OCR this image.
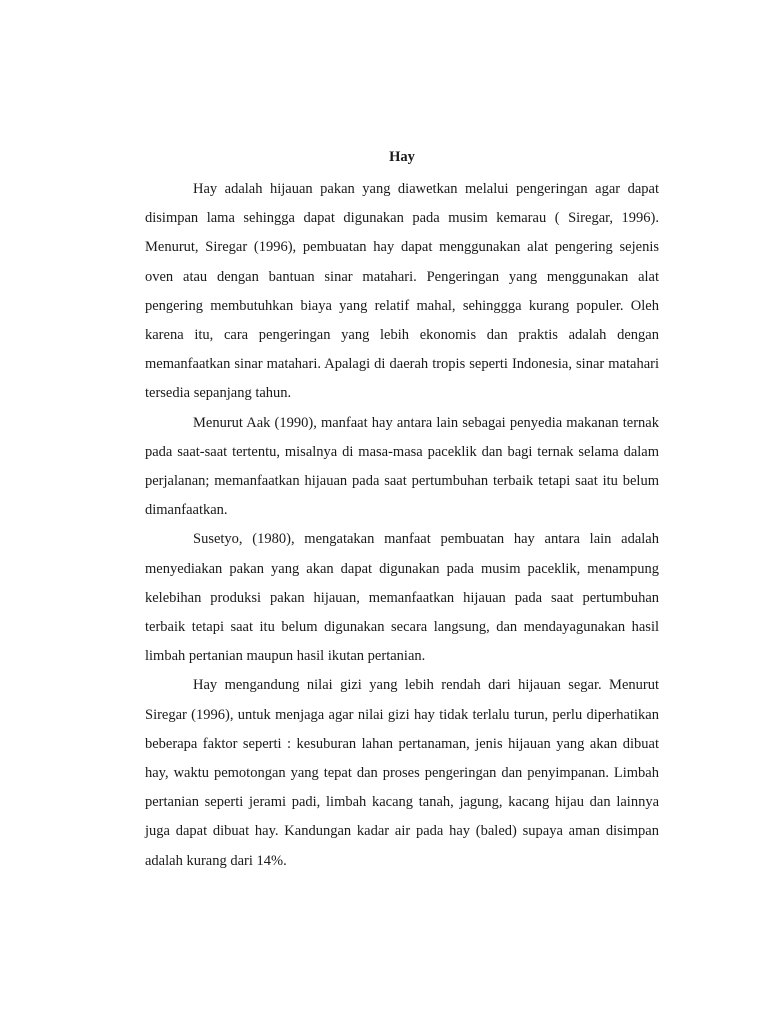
Hay

Hay adalah hijauan pakan yang diawetkan melalui pengeringan agar dapat disimpan lama sehingga dapat digunakan pada musim kemarau ( Siregar, 1996). Menurut, Siregar (1996), pembuatan hay dapat menggunakan alat pengering sejenis oven atau dengan bantuan sinar matahari. Pengeringan yang menggunakan alat pengering membutuhkan biaya yang relatif mahal, sehinggga kurang populer. Oleh karena itu, cara pengeringan yang lebih ekonomis dan praktis adalah dengan memanfaatkan sinar matahari. Apalagi di daerah tropis seperti Indonesia, sinar matahari tersedia sepanjang tahun.

Menurut Aak (1990), manfaat hay antara lain sebagai penyedia makanan ternak pada saat-saat tertentu, misalnya di masa-masa paceklik dan bagi ternak selama dalam perjalanan; memanfaatkan hijauan pada saat pertumbuhan terbaik tetapi saat itu belum dimanfaatkan.

Susetyo, (1980), mengatakan manfaat pembuatan hay antara lain adalah menyediakan pakan yang akan dapat digunakan pada musim paceklik, menampung kelebihan produksi pakan hijauan, memanfaatkan hijauan pada saat pertumbuhan terbaik tetapi saat itu belum digunakan secara langsung, dan mendayagunakan hasil limbah pertanian maupun hasil ikutan pertanian.

Hay mengandung nilai gizi yang lebih rendah dari hijauan segar. Menurut Siregar (1996), untuk menjaga agar nilai gizi hay tidak terlalu turun, perlu diperhatikan beberapa faktor seperti : kesuburan lahan pertanaman, jenis hijauan yang akan dibuat hay, waktu pemotongan yang tepat dan proses pengeringan dan penyimpanan. Limbah pertanian seperti jerami padi, limbah kacang tanah, jagung, kacang hijau dan lainnya juga dapat dibuat hay. Kandungan kadar air pada hay (baled) supaya aman disimpan adalah kurang dari 14%.
